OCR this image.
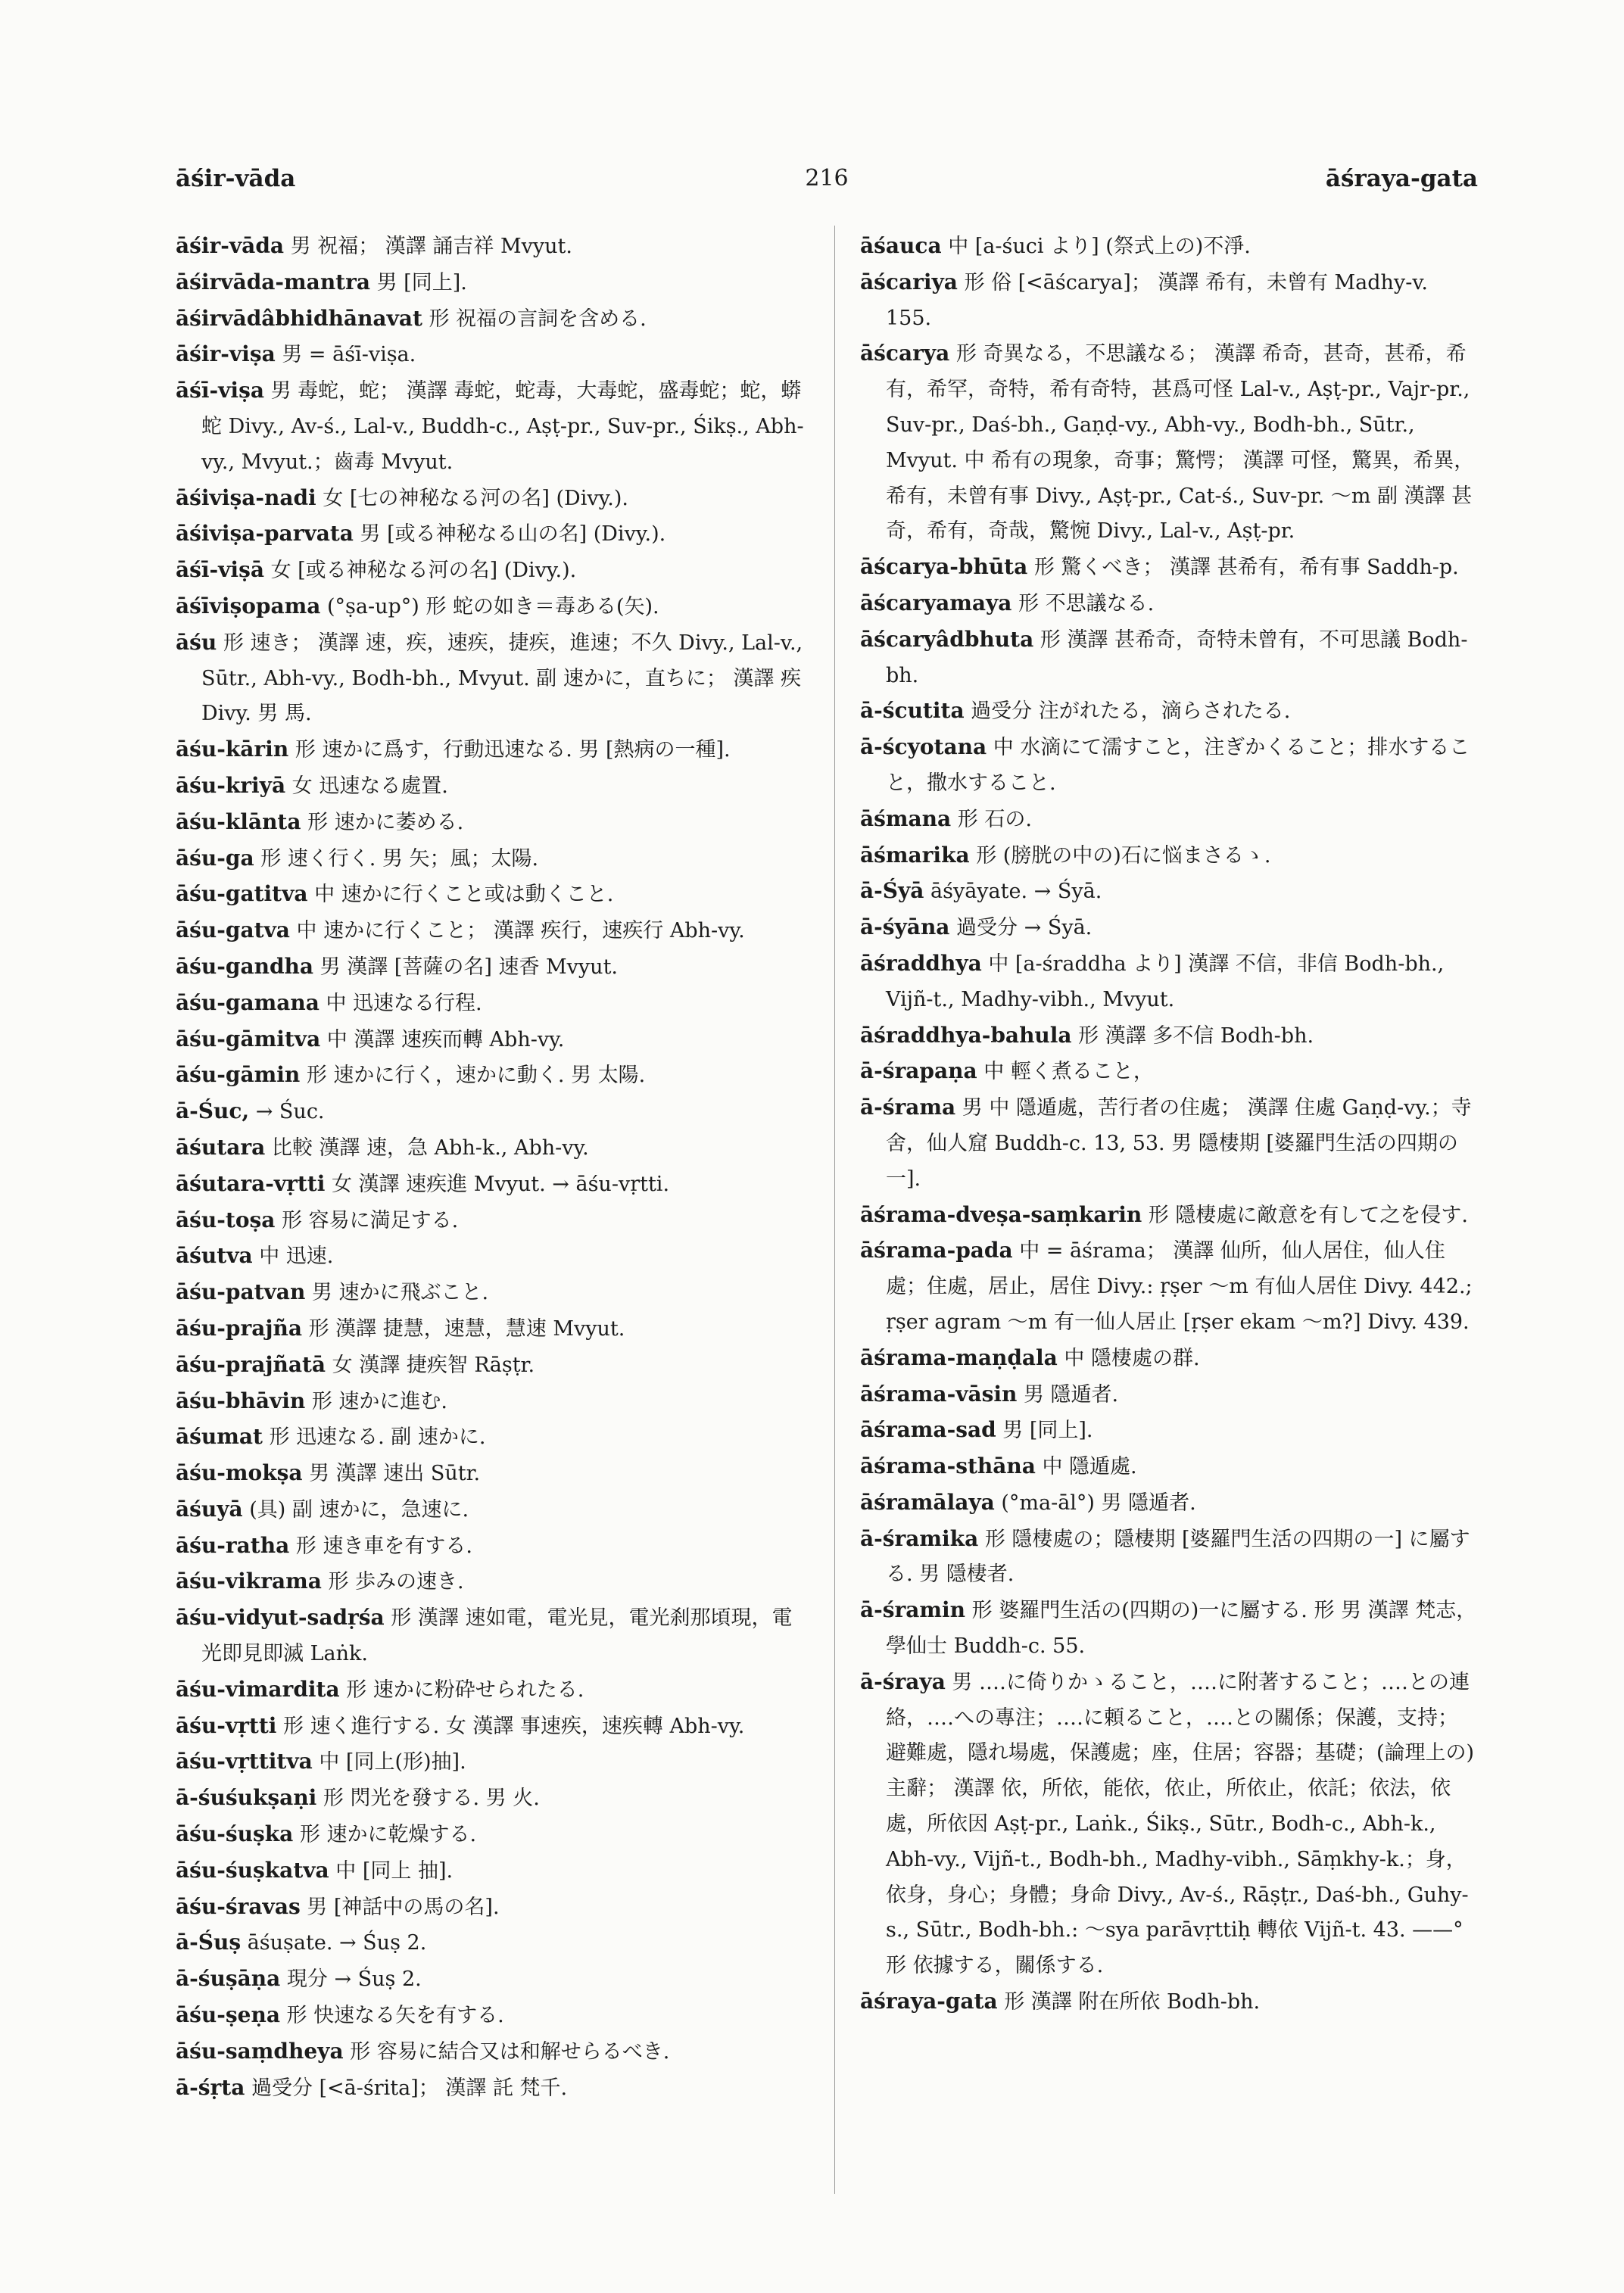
āśir-vāda	216	āśraya-gata

āśir-vāda 男 祝福； 漢譯 誦吉祥 Mvyut.

āśirvāda-mantra 男 [同上].

āśirvādâbhidhānavat 形 祝福の言詞を含める.

āśir-viṣa 男 = āśī-viṣa.

āśī-viṣa 男 毒蛇，蛇； 漢譯 毒蛇，蛇毒，大毒蛇，盛毒蛇；蛇，蟒蛇 Divy., Av-ś., Lal-v., Buddh-c., Aṣṭ-pr., Suv-pr., Śikṣ., Abh-vy., Mvyut.；齒毒 Mvyut.

āśiviṣa-nadi 女 [七の神秘なる河の名] (Divy.).

āśiviṣa-parvata 男 [或る神秘なる山の名] (Divy.).

āśī-viṣā 女 [或る神秘なる河の名] (Divy.).

āśīviṣopama (°ṣa-up°) 形 蛇の如き＝毒ある(矢).

āśu 形 速き； 漢譯 速，疾，速疾，捷疾，進速；不久 Divy., Lal-v., Sūtr., Abh-vy., Bodh-bh., Mvyut. 副 速かに，直ちに； 漢譯 疾 Divy. 男 馬.

āśu-kārin 形 速かに爲す，行動迅速なる. 男 [熱病の一種].

āśu-kriyā 女 迅速なる處置.

āśu-klānta 形 速かに萎める.

āśu-ga 形 速く行く. 男 矢；風；太陽.

āśu-gatitva 中 速かに行くこと或は動くこと.

āśu-gatva 中 速かに行くこと； 漢譯 疾行，速疾行 Abh-vy.

āśu-gandha 男 漢譯 [菩薩の名] 速香 Mvyut.

āśu-gamana 中 迅速なる行程.

āśu-gāmitva 中 漢譯 速疾而轉 Abh-vy.

āśu-gāmin 形 速かに行く，速かに動く. 男 太陽.

ā-Śuc, → Śuc.

āśutara 比較 漢譯 速，急 Abh-k., Abh-vy.

āśutara-vṛtti 女 漢譯 速疾進 Mvyut. → āśu-vṛtti.

āśu-toṣa 形 容易に満足する.

āśutva 中 迅速.

āśu-patvan 男 速かに飛ぶこと.

āśu-prajña 形 漢譯 捷慧，速慧，慧速 Mvyut.

āśu-prajñatā 女 漢譯 捷疾智 Rāṣṭr.

āśu-bhāvin 形 速かに進む.

āśumat 形 迅速なる. 副 速かに.

āśu-mokṣa 男 漢譯 速出 Sūtr.

āśuyā (具) 副 速かに，急速に.

āśu-ratha 形 速き車を有する.

āśu-vikrama 形 歩みの速き.

āśu-vidyut-sadṛśa 形 漢譯 速如電，電光見，電光刹那頃現，電光即見即滅 Laṅk.

āśu-vimardita 形 速かに粉砕せられたる.

āśu-vṛtti 形 速く進行する. 女 漢譯 事速疾，速疾轉 Abh-vy.

āśu-vṛttitva 中 [同上(形)抽].

ā-śuśukṣaṇi 形 閃光を發する. 男 火.

āśu-śuṣka 形 速かに乾燥する.

āśu-śuṣkatva 中 [同上 抽].

āśu-śravas 男 [神話中の馬の名].

ā-Śuṣ āśuṣate. → Śuṣ 2.

ā-śuṣāṇa 現分 → Śuṣ 2.

āśu-ṣeṇa 形 快速なる矢を有する.

āśu-saṃdheya 形 容易に結合又は和解せらるべき.

ā-śṛta 過受分 [<ā-śrita]； 漢譯 託 梵千.

āśauca 中 [a-śuci より] (祭式上の)不淨.

āścariya 形 俗 [<āścarya]； 漢譯 希有，未曾有 Madhy-v. 155.

āścarya 形 奇異なる，不思議なる； 漢譯 希奇，甚奇，甚希，希有，希罕，奇特，希有奇特，甚爲可怪 Lal-v., Aṣṭ-pr., Vajr-pr., Suv-pr., Daś-bh., Gaṇḍ-vy., Abh-vy., Bodh-bh., Sūtr., Mvyut. 中 希有の現象，奇事；驚愕； 漢譯 可怪，驚異，希異，希有，未曾有事 Divy., Aṣṭ-pr., Cat-ś., Suv-pr. 〜m 副 漢譯 甚奇，希有，奇哉，驚惋 Divy., Lal-v., Aṣṭ-pr.

āścarya-bhūta 形 驚くべき； 漢譯 甚希有，希有事 Saddh-p.

āścaryamaya 形 不思議なる.

āścaryâdbhuta 形 漢譯 甚希奇，奇特未曾有，不可思議 Bodh-bh.

ā-ścutita 過受分 注がれたる，滴らされたる.

ā-ścyotana 中 水滴にて濡すこと，注ぎかくること；排水すること，撒水すること.

āśmana 形 石の.

āśmarika 形 (膀胱の中の)石に悩まさるゝ.

ā-Śyā āśyāyate. → Śyā.

ā-śyāna 過受分 → Śyā.

āśraddhya 中 [a-śraddha より] 漢譯 不信，非信 Bodh-bh., Vijñ-t., Madhy-vibh., Mvyut.

āśraddhya-bahula 形 漢譯 多不信 Bodh-bh.

ā-śrapaṇa 中 輕く煮ること，

ā-śrama 男 中 隱遁處，苦行者の住處； 漢譯 住處 Gaṇḍ-vy.；寺舍，仙人窟 Buddh-c. 13, 53. 男 隱棲期 [婆羅門生活の四期の一].

āśrama-dveṣa-saṃkarin 形 隱棲處に敵意を有して之を侵す.

āśrama-pada 中 = āśrama； 漢譯 仙所，仙人居住，仙人住處；住處，居止，居住 Divy.: ṛṣer 〜m 有仙人居住 Divy. 442.; ṛṣer agram 〜m 有一仙人居止 [ṛṣer ekam 〜m?] Divy. 439.

āśrama-maṇḍala 中 隱棲處の群.

āśrama-vāsin 男 隱遁者.

āśrama-sad 男 [同上].

āśrama-sthāna 中 隱遁處.

āśramālaya (°ma-āl°) 男 隱遁者.

ā-śramika 形 隱棲處の；隱棲期 [婆羅門生活の四期の一] に屬する. 男 隱棲者.

ā-śramin 形 婆羅門生活の(四期の)一に屬する. 形 男 漢譯 梵志，學仙士 Buddh-c. 55.

ā-śraya 男 ‥‥に倚りかゝること，‥‥に附著すること；‥‥との連絡，‥‥への專注；‥‥に頼ること，‥‥との關係；保護，支持；避難處，隱れ場處，保護處；座，住居；容器；基礎；(論理上の)主辭； 漢譯 依，所依，能依，依止，所依止，依託；依法，依處，所依因 Aṣṭ-pr., Laṅk., Śikṣ., Sūtr., Bodh-c., Abh-k., Abh-vy., Vijñ-t., Bodh-bh., Madhy-vibh., Sāṃkhy-k.；身，依身，身心；身體；身命 Divy., Av-ś., Rāṣṭr., Daś-bh., Guhy-s., Sūtr., Bodh-bh.: 〜sya parāvṛttiḥ 轉依 Vijñ-t. 43. ——° 形 依據する，關係する.

āśraya-gata 形 漢譯 附在所依 Bodh-bh.
